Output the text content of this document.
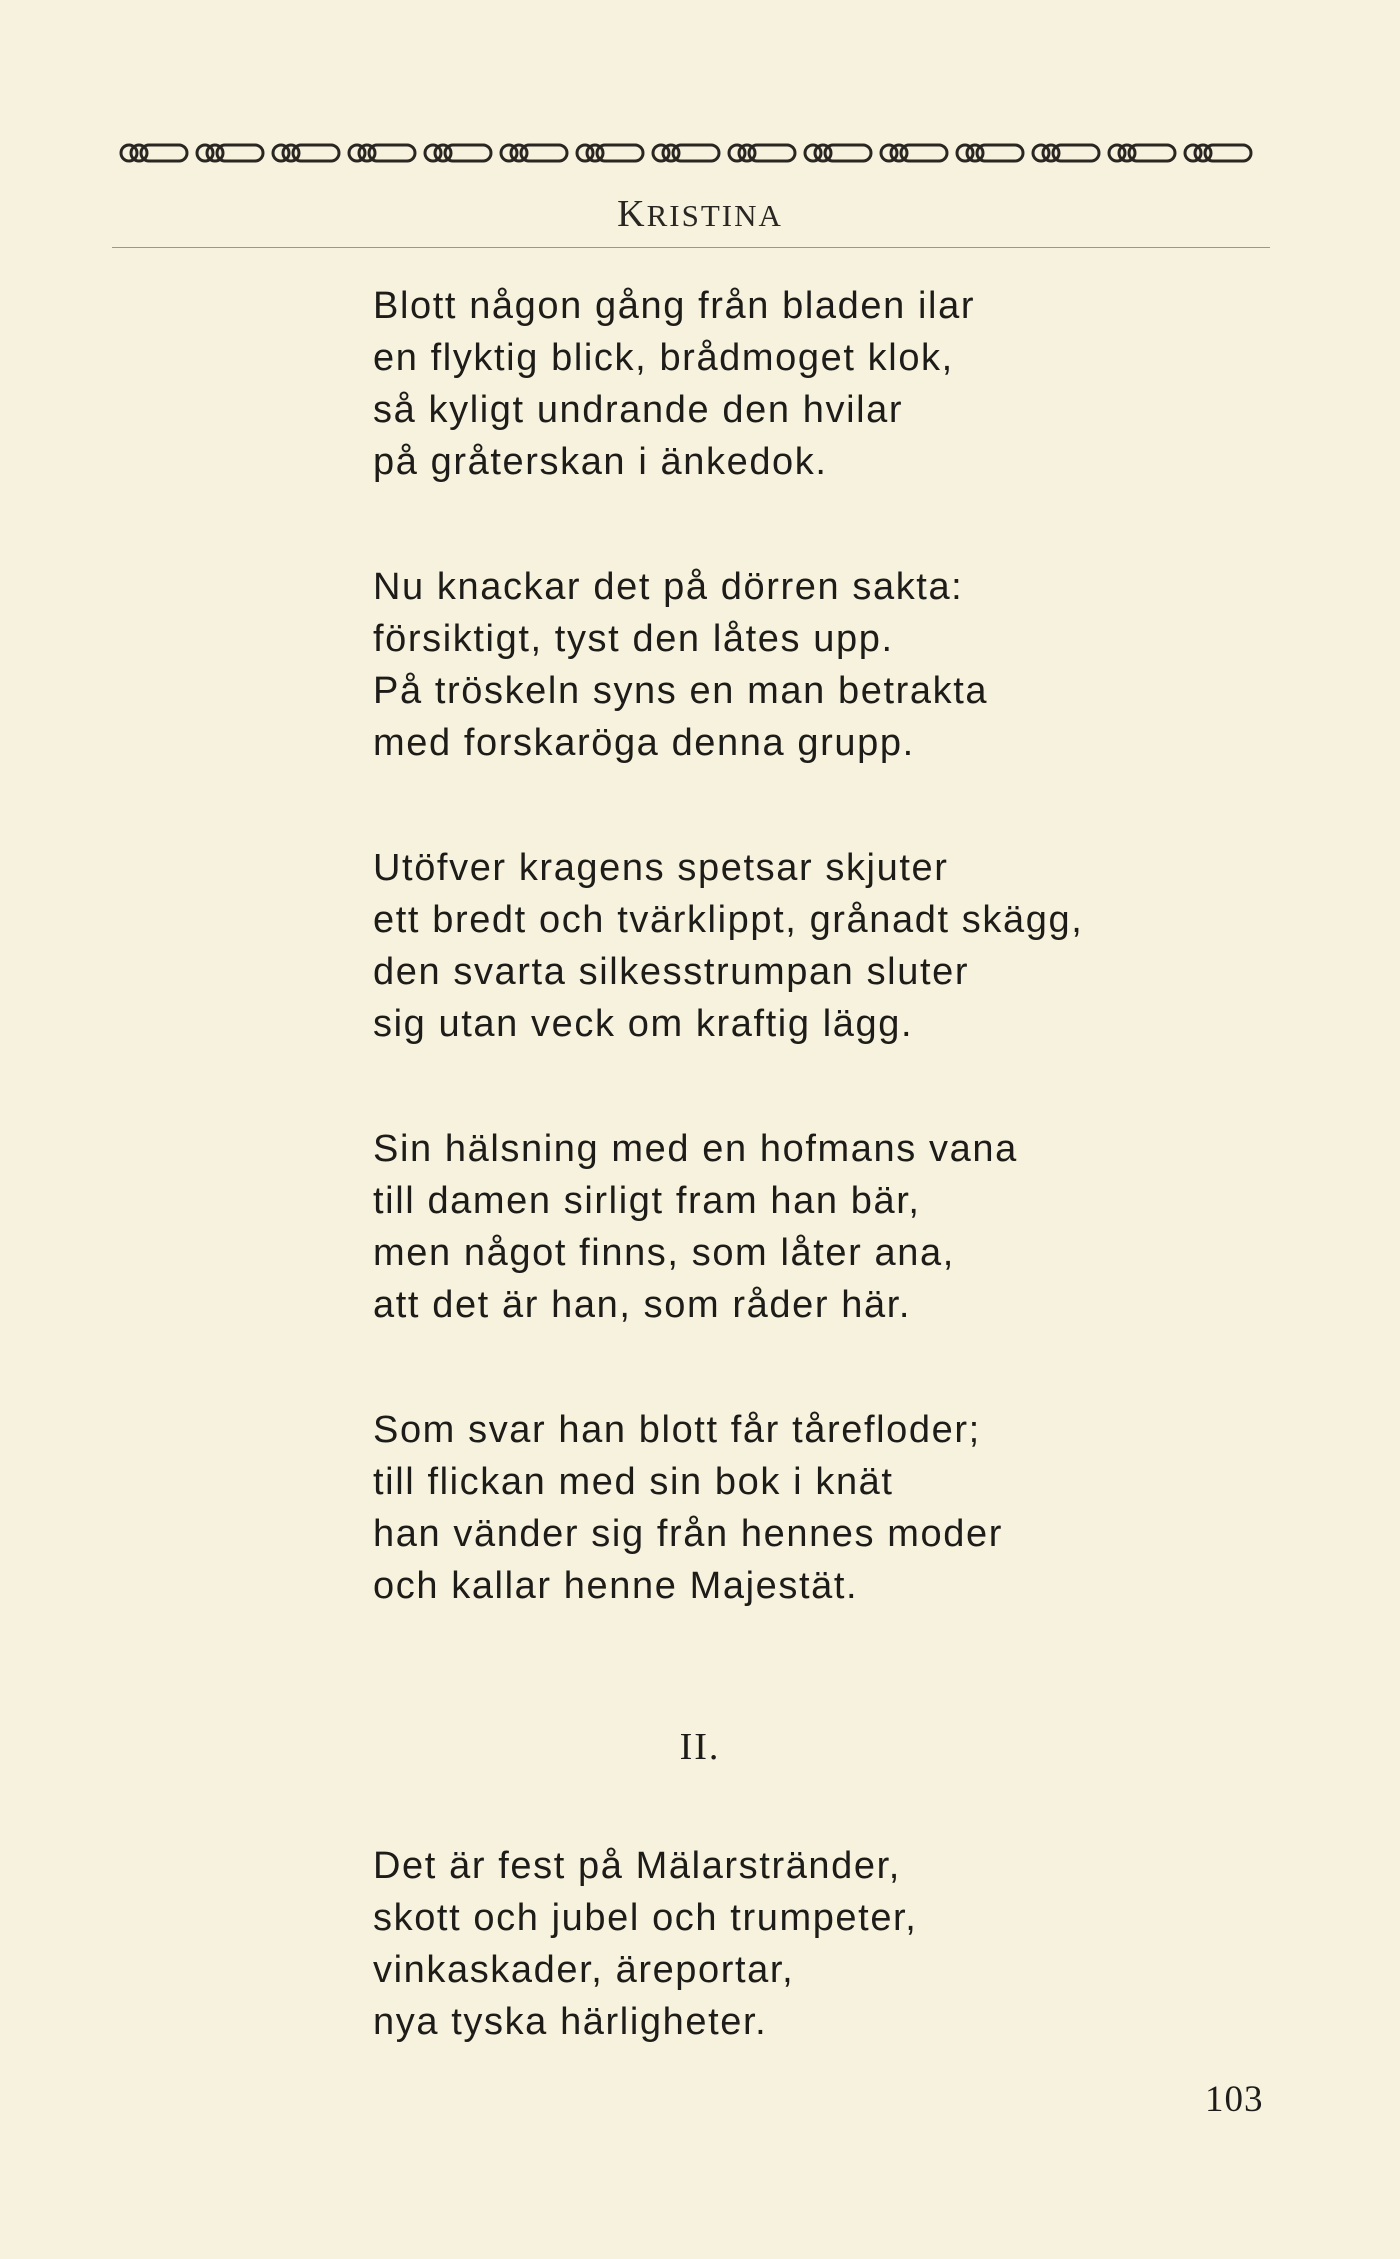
KRISTINA
Blott någon gång från bladen ilar
en flyktig blick, brådmoget klok,
så kyligt undrande den hvilar
på gråterskan i änkedok.
Nu knackar det på dörren sakta:
försiktigt, tyst den låtes upp.
På tröskeln syns en man betrakta
med forskaröga denna grupp.
Utöfver kragens spetsar skjuter
ett bredt och tvärklippt, grånadt skägg,
den svarta silkesstrumpan sluter
sig utan veck om kraftig lägg.
Sin hälsning med en hofmans vana
till damen sirligt fram han bär,
men något finns, som låter ana,
att det är han, som råder här.
Som svar han blott får tårefloder;
till flickan med sin bok i knät
han vänder sig från hennes moder
och kallar henne Majestät.
II.
Det är fest på Mälarstränder,
skott och jubel och trumpeter,
vinkaskader, äreportar,
nya tyska härligheter.
103
